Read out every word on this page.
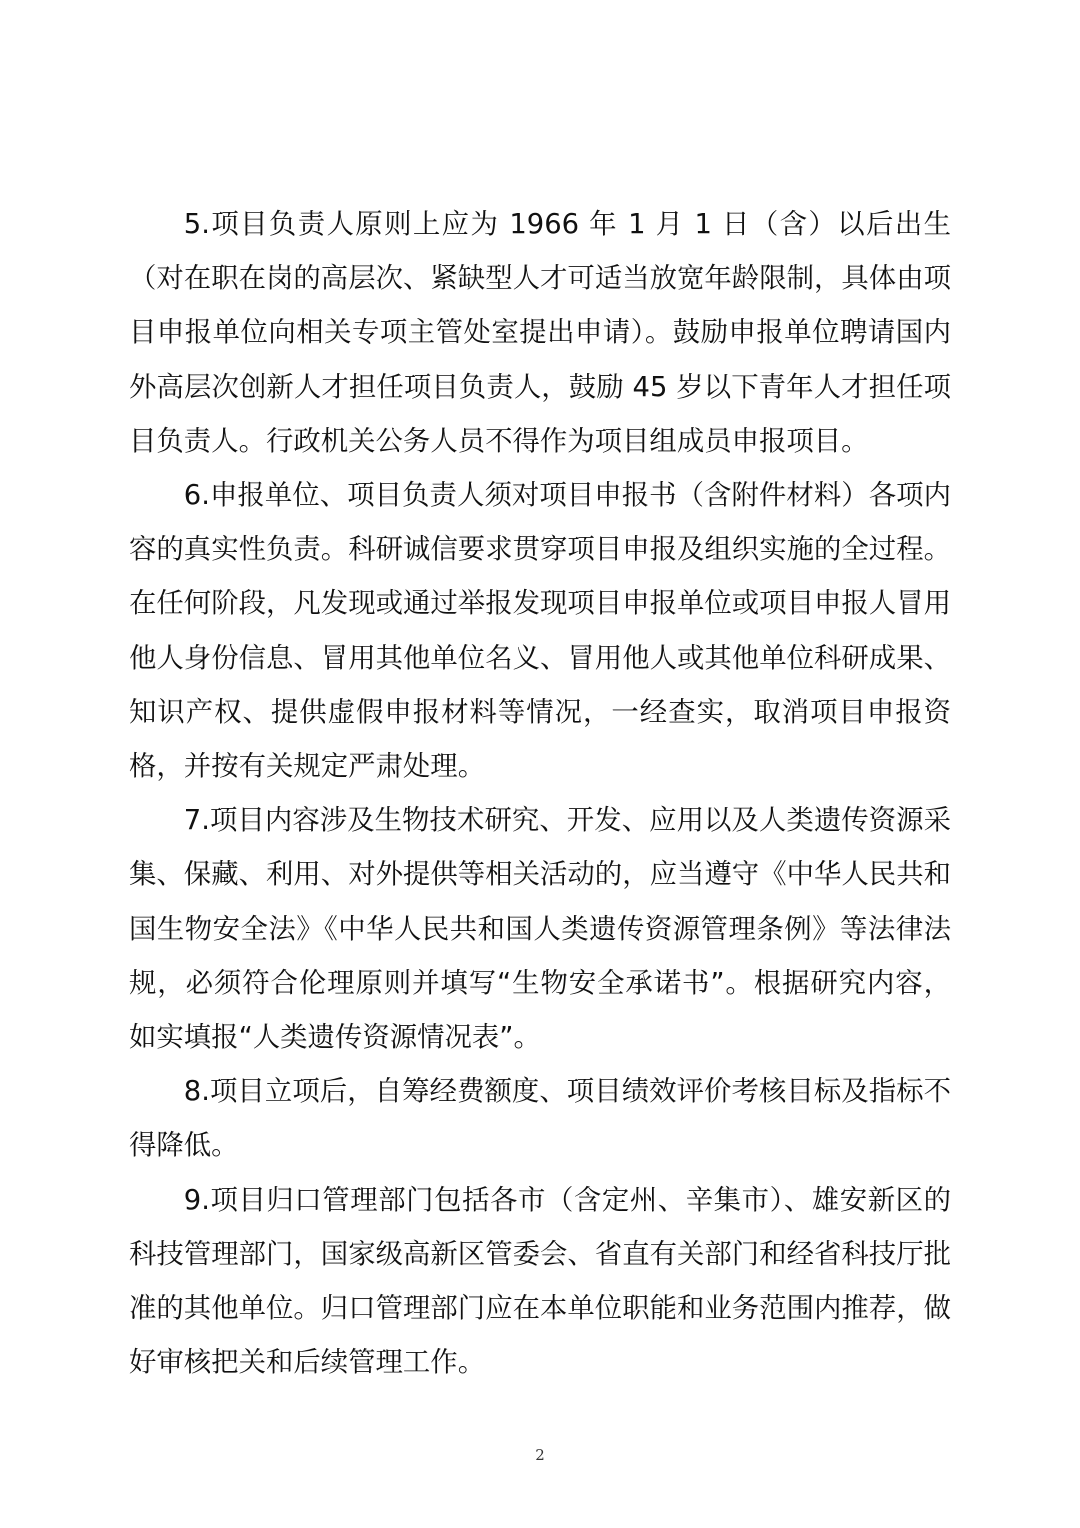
5.项目负责人原则上应为 1966 年 1 月 1 日（含）以后出生（对在职在岗的高层次、紧缺型人才可适当放宽年龄限制，具体由项目申报单位向相关专项主管处室提出申请）。鼓励申报单位聘请国内外高层次创新人才担任项目负责人，鼓励 45 岁以下青年人才担任项目负责人。行政机关公务人员不得作为项目组成员申报项目。

6.申报单位、项目负责人须对项目申报书（含附件材料）各项内容的真实性负责。科研诚信要求贯穿项目申报及组织实施的全过程。在任何阶段，凡发现或通过举报发现项目申报单位或项目申报人冒用他人身份信息、冒用其他单位名义、冒用他人或其他单位科研成果、知识产权、提供虚假申报材料等情况，一经查实，取消项目申报资格，并按有关规定严肃处理。

7.项目内容涉及生物技术研究、开发、应用以及人类遗传资源采集、保藏、利用、对外提供等相关活动的，应当遵守《中华人民共和国生物安全法》《中华人民共和国人类遗传资源管理条例》等法律法规，必须符合伦理原则并填写“生物安全承诺书”。根据研究内容，如实填报“人类遗传资源情况表”。

8.项目立项后，自筹经费额度、项目绩效评价考核目标及指标不得降低。

9.项目归口管理部门包括各市（含定州、辛集市）、雄安新区的科技管理部门，国家级高新区管委会、省直有关部门和经省科技厅批准的其他单位。归口管理部门应在本单位职能和业务范围内推荐，做好审核把关和后续管理工作。

2
